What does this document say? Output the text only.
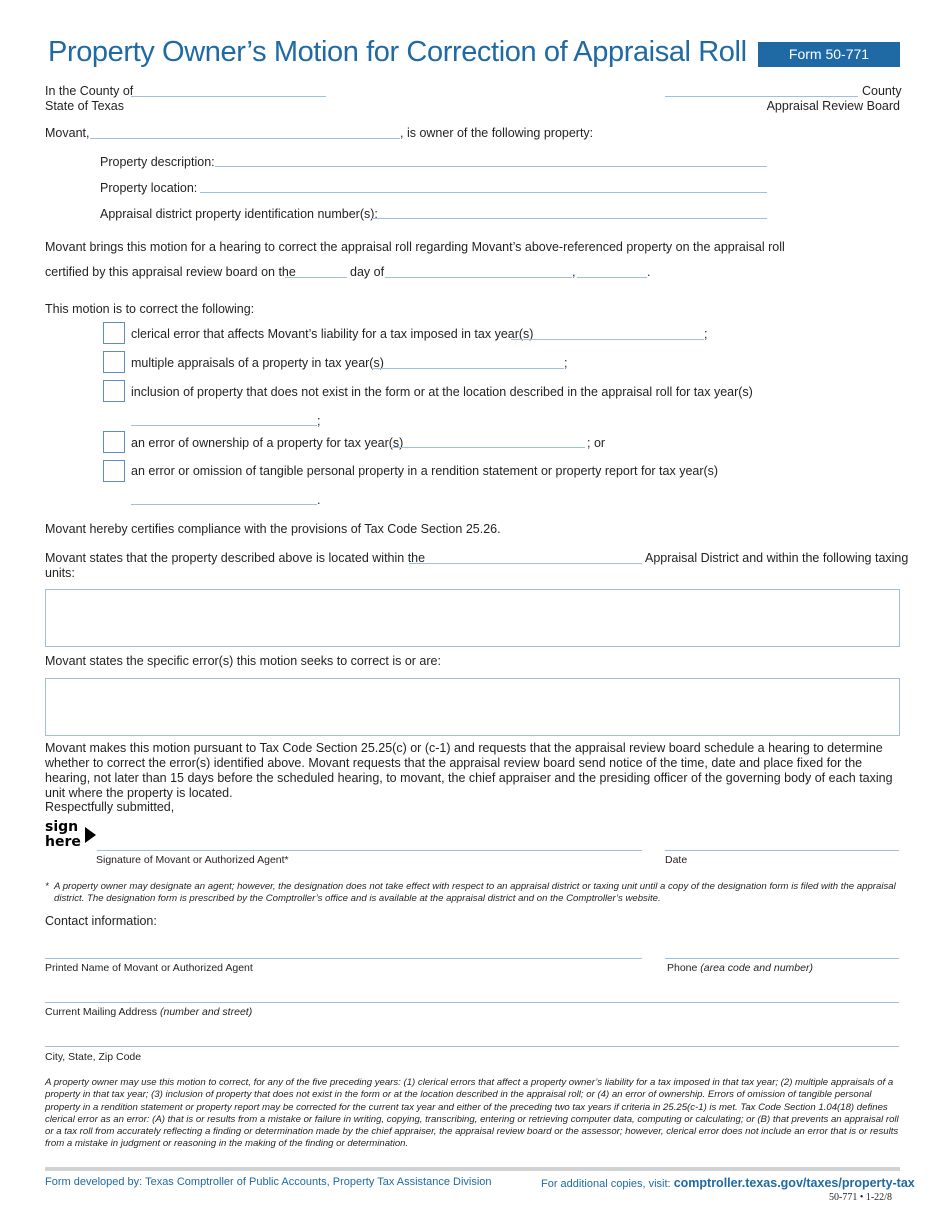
Property Owner’s Motion for Correction of Appraisal Roll	Form 50-771
In the County of
State of Texas
County
Appraisal Review Board
Movant,	, is owner of the following property:
Property description:
Property location:
Appraisal district property identification number(s):
Movant brings this motion for a hearing to correct the appraisal roll regarding Movant’s above-referenced property on the appraisal roll
certified by this appraisal review board on the	day of	,	.
This motion is to correct the following:
clerical error that affects Movant’s liability for a tax imposed in tax year(s)	;
multiple appraisals of a property in tax year(s)	;
inclusion of property that does not exist in the form or at the location described in the appraisal roll for tax year(s)
;
an error of ownership of a property for tax year(s)	; or
an error or omission of tangible personal property in a rendition statement or property report for tax year(s)
.
Movant hereby certifies compliance with the provisions of Tax Code Section 25.26.
Movant states that the property described above is located within the	Appraisal District and within the following taxing
units:
Movant states the specific error(s) this motion seeks to correct is or are:
Movant makes this motion pursuant to Tax Code Section 25.25(c) or (c-1) and requests that the appraisal review board schedule a hearing to determine whether to correct the error(s) identified above. Movant requests that the appraisal review board send notice of the time, date and place fixed for the hearing, not later than 15 days before the scheduled hearing, to movant, the chief appraiser and the presiding officer of the governing body of each taxing unit where the property is located.
Respectfully submitted,
sign
here
Signature of Movant or Authorized Agent*	Date
* A property owner may designate an agent; however, the designation does not take effect with respect to an appraisal district or taxing unit until a copy of the designation form is filed with the appraisal district. The designation form is prescribed by the Comptroller’s office and is available at the appraisal district and on the Comptroller’s website.
Contact information:
Printed Name of Movant or Authorized Agent	Phone (area code and number)
Current Mailing Address (number and street)
City, State, Zip Code
A property owner may use this motion to correct, for any of the five preceding years: (1) clerical errors that affect a property owner’s liability for a tax imposed in that tax year; (2) multiple appraisals of a property in that tax year; (3) inclusion of property that does not exist in the form or at the location described in the appraisal roll; or (4) an error of ownership. Errors of omission of tangible personal property in a rendition statement or property report may be corrected for the current tax year and either of the preceding two tax years if criteria in 25.25(c-1) is met. Tax Code Section 1.04(18) defines clerical error as an error: (A) that is or results from a mistake or failure in writing, copying, transcribing, entering or retrieving computer data, computing or calculating; or (B) that prevents an appraisal roll or a tax roll from accurately reflecting a finding or determination made by the chief appraiser, the appraisal review board or the assessor; however, clerical error does not include an error that is or results from a mistake in judgment or reasoning in the making of the finding or determination.
Form developed by: Texas Comptroller of Public Accounts, Property Tax Assistance Division	For additional copies, visit: comptroller.texas.gov/taxes/property-tax
50-771 • 1-22/8
